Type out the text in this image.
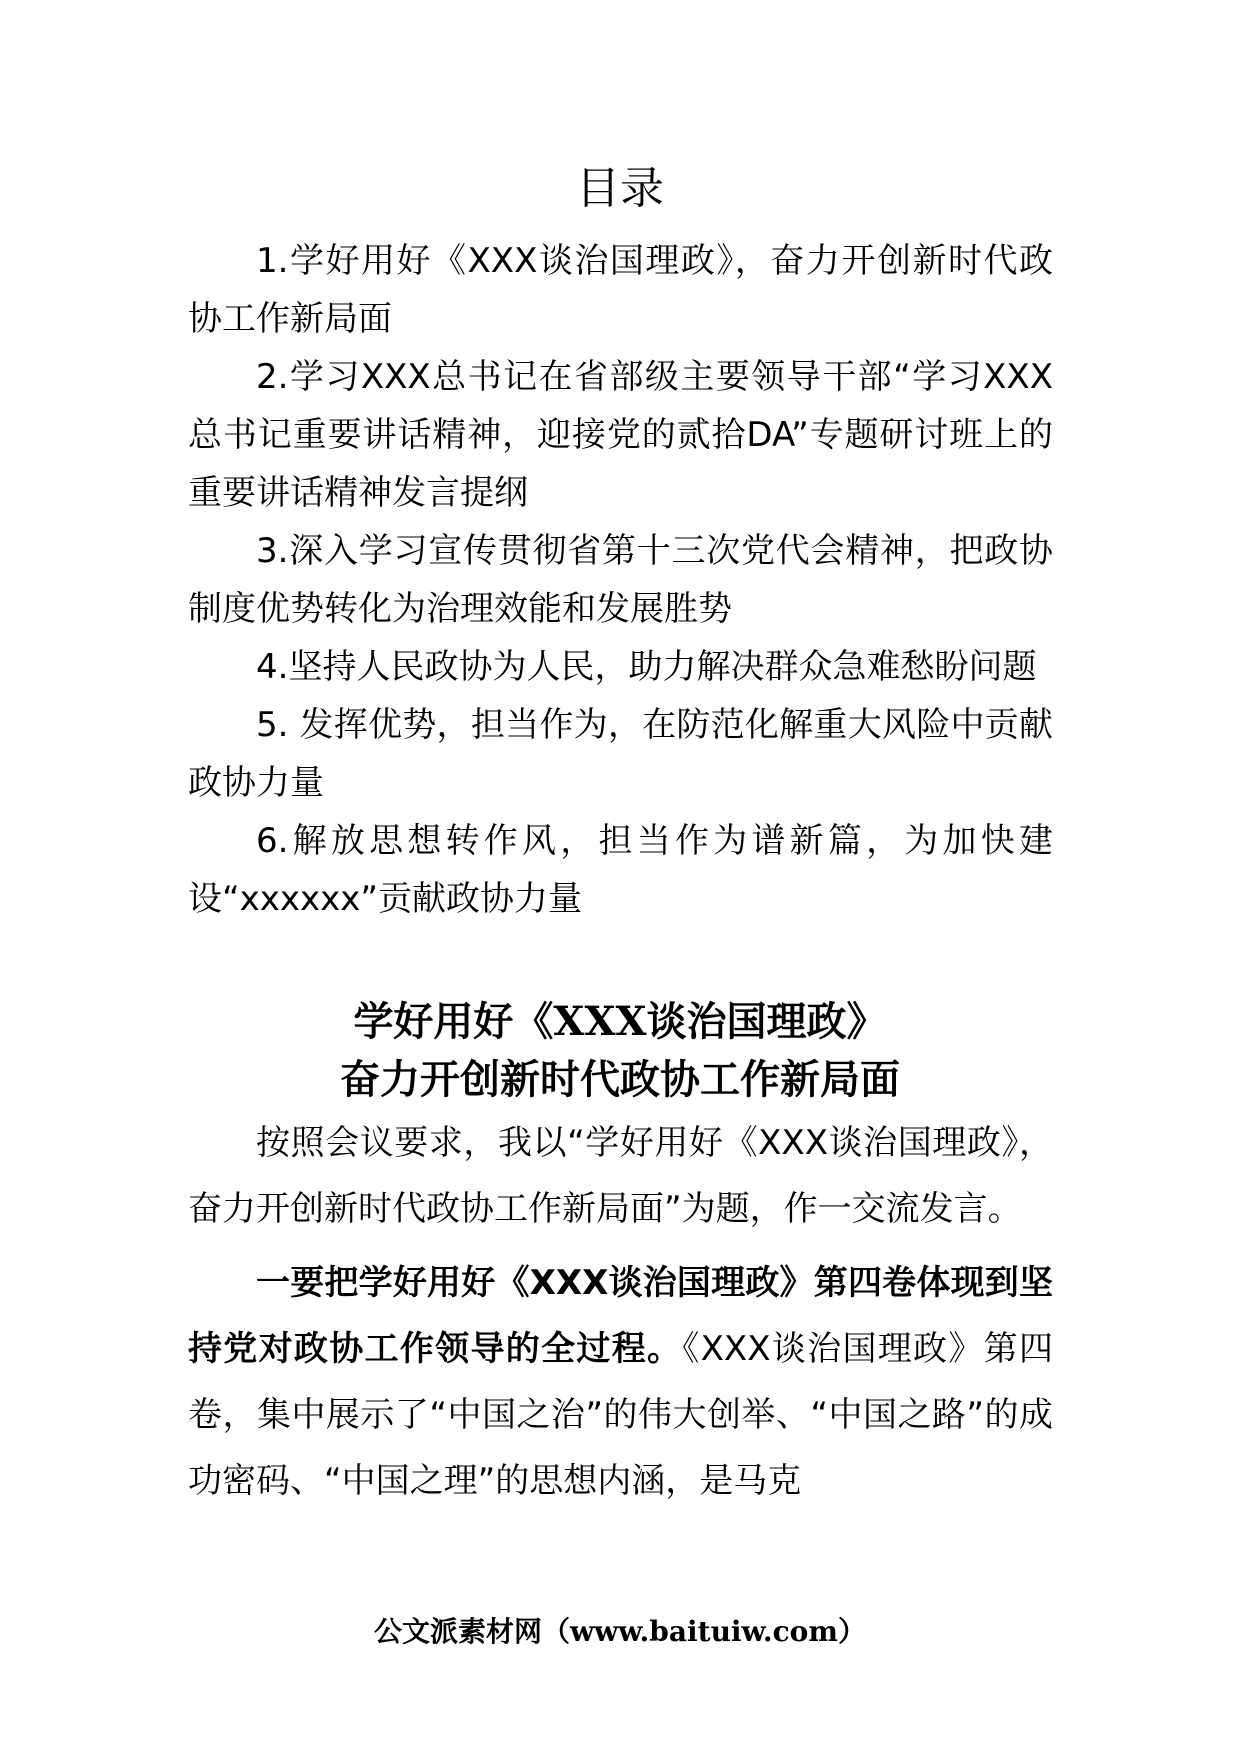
目录

1.学好用好《XXX谈治国理政》，奋力开创新时代政协工作新局面

2.学习XXX总书记在省部级主要领导干部“学习XXX总书记重要讲话精神，迎接党的贰拾DA”专题研讨班上的重要讲话精神发言提纲

3.深入学习宣传贯彻省第十三次党代会精神，把政协制度优势转化为治理效能和发展胜势

4.坚持人民政协为人民，助力解决群众急难愁盼问题

5. 发挥优势，担当作为，在防范化解重大风险中贡献政协力量

6.解放思想转作风，担当作为谱新篇，为加快建设“xxxxxx”贡献政协力量

学好用好《XXX谈治国理政》
奋力开创新时代政协工作新局面

按照会议要求，我以“学好用好《XXX谈治国理政》，奋力开创新时代政协工作新局面”为题，作一交流发言。

一要把学好用好《XXX谈治国理政》第四卷体现到坚持党对政协工作领导的全过程。《XXX谈治国理政》第四卷，集中展示了“中国之治”的伟大创举、“中国之路”的成功密码、“中国之理”的思想内涵，是马克

公文派素材网（www.baituiw.com）
